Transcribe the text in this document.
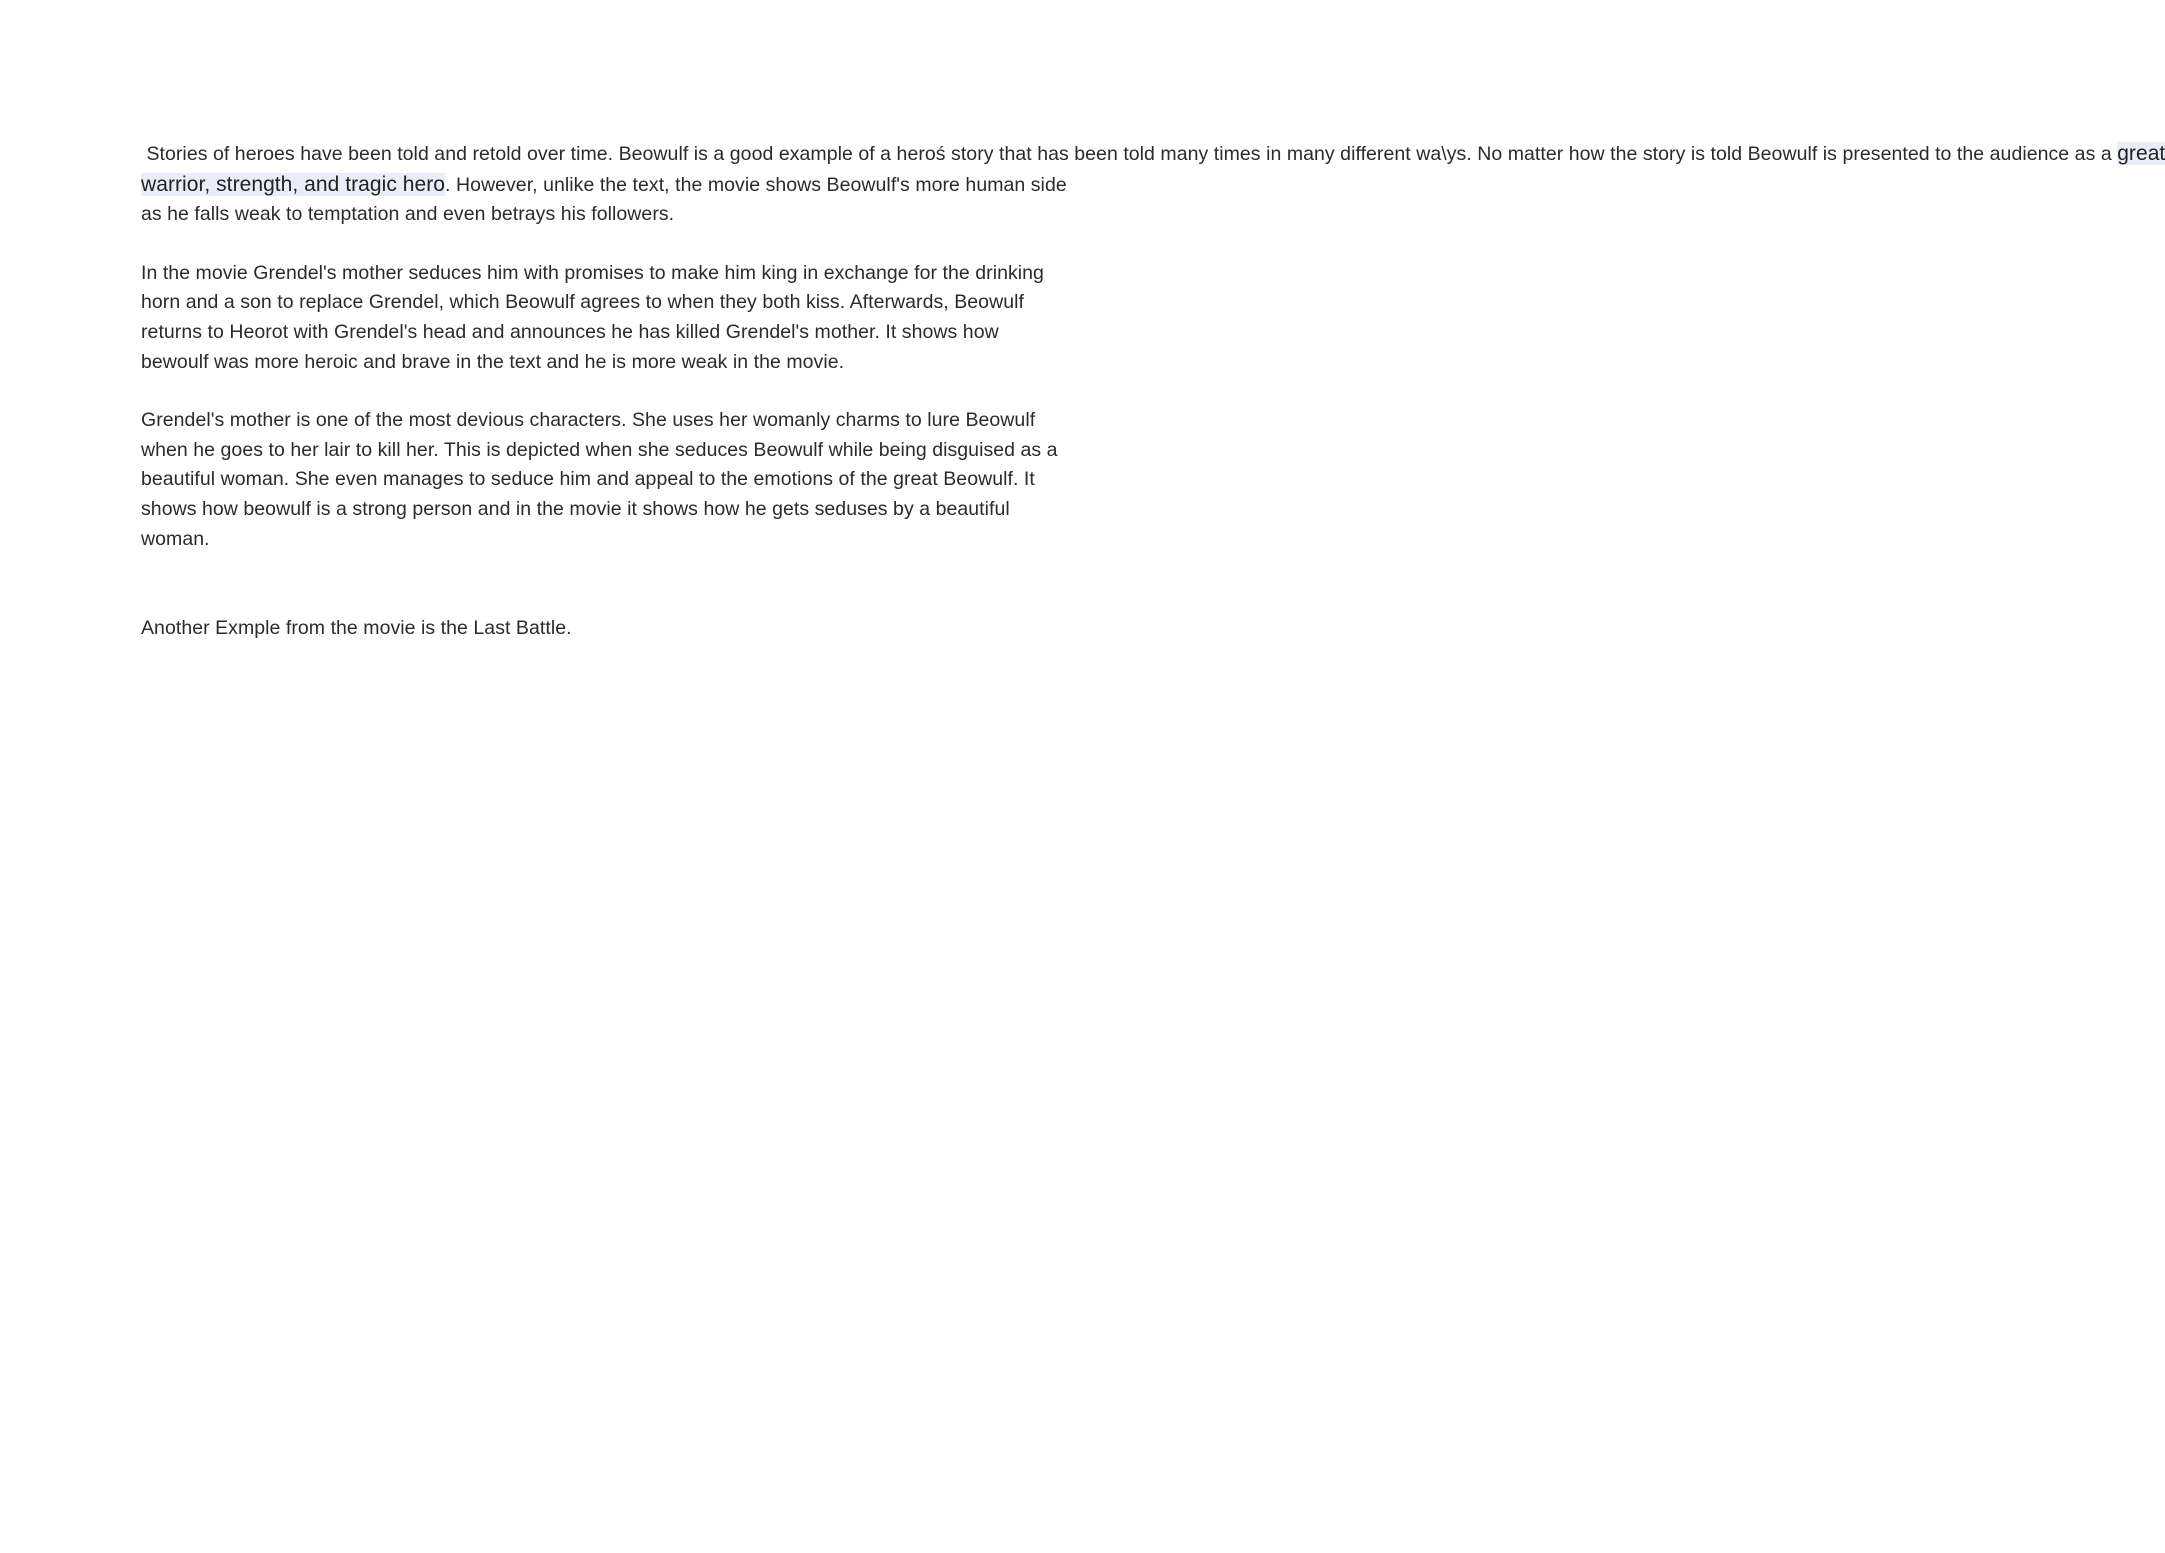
Stories of heroes have been told and retold over time. Beowulf is a good example of a heroś story that has been told many times in many different wa\ys. No matter how the story is told Beowulf is presented to the audience as a great warrior, strength, and tragic hero. However, unlike the text, the movie shows Beowulf's more human side as he falls weak to temptation and even betrays his followers.

In the movie Grendel's mother seduces him with promises to make him king in exchange for the drinking horn and a son to replace Grendel, which Beowulf agrees to when they both kiss. Afterwards, Beowulf returns to Heorot with Grendel's head and announces he has killed Grendel's mother. It shows how bewoulf was more heroic and brave in the text and he is more weak in the movie.

Grendel's mother is one of the most devious characters. She uses her womanly charms to lure Beowulf when he goes to her lair to kill her. This is depicted when she seduces Beowulf while being disguised as a beautiful woman. She even manages to seduce him and appeal to the emotions of the great Beowulf. It shows how beowulf is a strong person and in the movie it shows how he gets seduses by a beautiful woman.

Another Exmple from the movie is the Last Battle.
